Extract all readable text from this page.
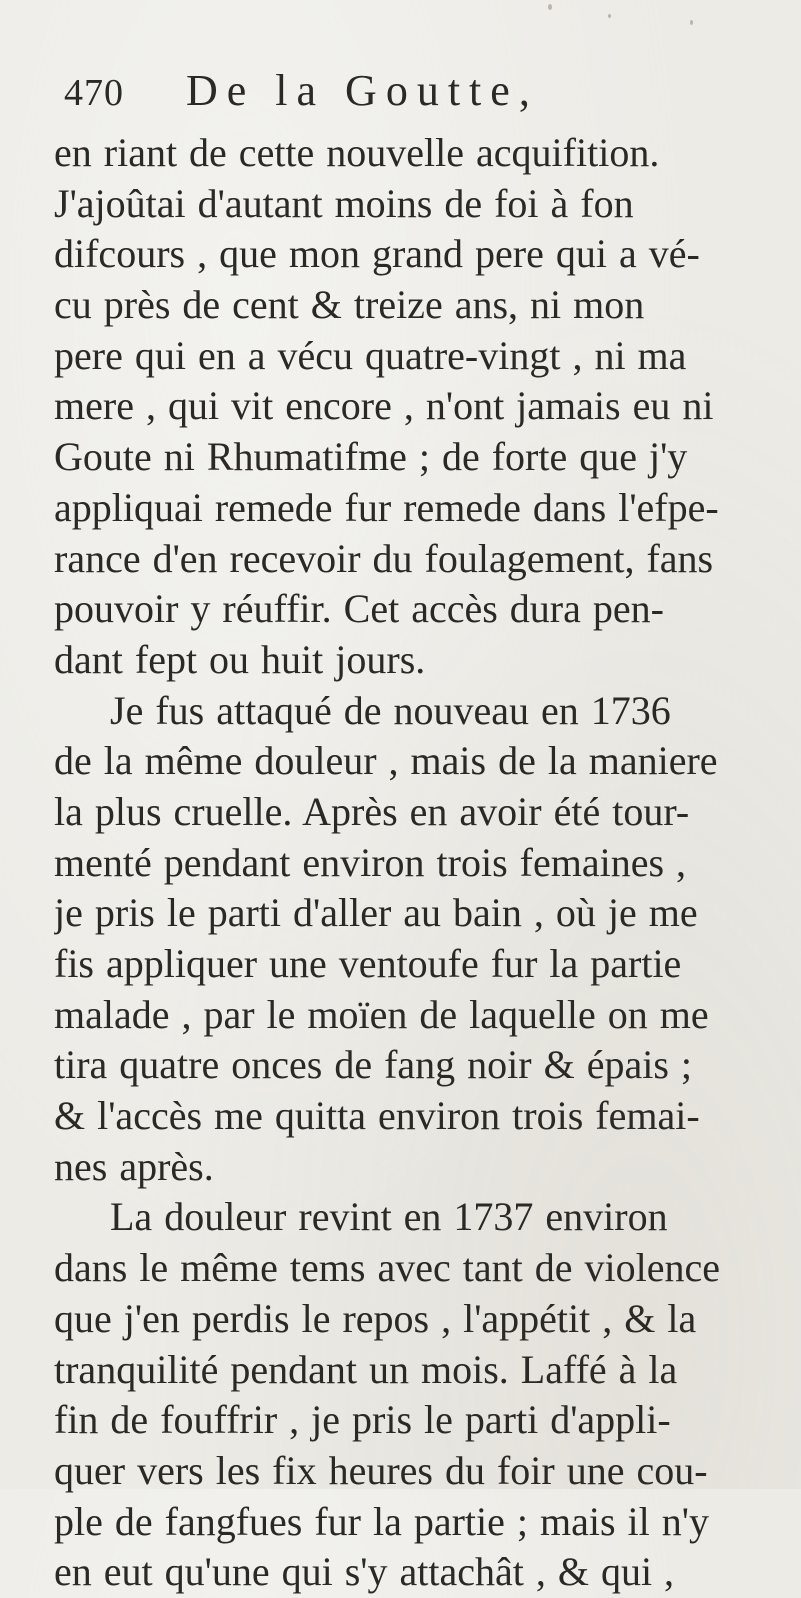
470 De la Goutte,
en riant de cette nouvelle acquifition.
J'ajoûtai d'autant moins de foi à fon
difcours , que mon grand pere qui a vé-
cu près de cent & treize ans, ni mon
pere qui en a vécu quatre-vingt , ni ma
mere , qui vit encore , n'ont jamais eu ni
Goute ni Rhumatifme ; de forte que j'y
appliquai remede fur remede dans l'efpe-
rance d'en recevoir du foulagement, fans
pouvoir y réuffir. Cet accès dura pen-
dant fept ou huit jours.
Je fus attaqué de nouveau en 1736
de la même douleur , mais de la maniere
la plus cruelle. Après en avoir été tour-
menté pendant environ trois femaines ,
je pris le parti d'aller au bain , où je me
fis appliquer une ventoufe fur la partie
malade , par le moïen de laquelle on me
tira quatre onces de fang noir & épais ;
& l'accès me quitta environ trois femai-
nes après.
La douleur revint en 1737 environ
dans le même tems avec tant de violence
que j'en perdis le repos , l'appétit , & la
tranquilité pendant un mois. Laffé à la
fin de fouffrir , je pris le parti d'appli-
quer vers les fix heures du foir une cou-
ple de fangfues fur la partie ; mais il n'y
en eut qu'une qui s'y attachât , & qui ,
